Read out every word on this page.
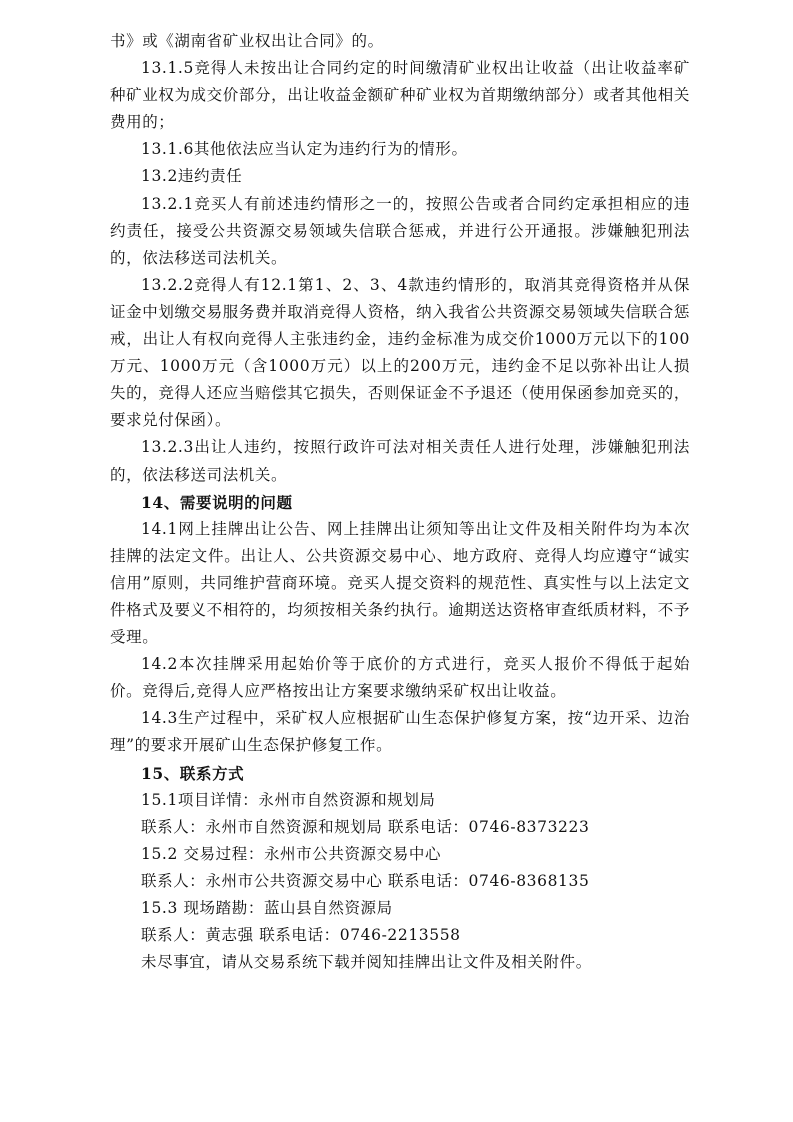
书》或《湖南省矿业权出让合同》的。

13.1.5竞得人未按出让合同约定的时间缴清矿业权出让收益（出让收益率矿种矿业权为成交价部分，出让收益金额矿种矿业权为首期缴纳部分）或者其他相关费用的；

13.1.6其他依法应当认定为违约行为的情形。

13.2违约责任

13.2.1竞买人有前述违约情形之一的，按照公告或者合同约定承担相应的违约责任，接受公共资源交易领域失信联合惩戒，并进行公开通报。涉嫌触犯刑法的，依法移送司法机关。

13.2.2竞得人有12.1第1、2、3、4款违约情形的，取消其竞得资格并从保证金中划缴交易服务费并取消竞得人资格，纳入我省公共资源交易领域失信联合惩戒，出让人有权向竞得人主张违约金，违约金标准为成交价1000万元以下的100万元、1000万元（含1000万元）以上的200万元，违约金不足以弥补出让人损失的，竞得人还应当赔偿其它损失，否则保证金不予退还（使用保函参加竞买的，要求兑付保函）。

13.2.3出让人违约，按照行政许可法对相关责任人进行处理，涉嫌触犯刑法的，依法移送司法机关。

14、需要说明的问题

14.1网上挂牌出让公告、网上挂牌出让须知等出让文件及相关附件均为本次挂牌的法定文件。出让人、公共资源交易中心、地方政府、竞得人均应遵守“诚实信用”原则，共同维护营商环境。竞买人提交资料的规范性、真实性与以上法定文件格式及要义不相符的，均须按相关条约执行。逾期送达资格审查纸质材料，不予受理。

14.2本次挂牌采用起始价等于底价的方式进行，竞买人报价不得低于起始价。竞得后,竞得人应严格按出让方案要求缴纳采矿权出让收益。

14.3生产过程中，采矿权人应根据矿山生态保护修复方案，按“边开采、边治理”的要求开展矿山生态保护修复工作。

15、联系方式

15.1项目详情：永州市自然资源和规划局

联系人：永州市自然资源和规划局 联系电话：0746-8373223

15.2 交易过程：永州市公共资源交易中心

联系人：永州市公共资源交易中心 联系电话：0746-8368135

15.3 现场踏勘：蓝山县自然资源局

联系人：黄志强 联系电话：0746-2213558

未尽事宜，请从交易系统下载并阅知挂牌出让文件及相关附件。
